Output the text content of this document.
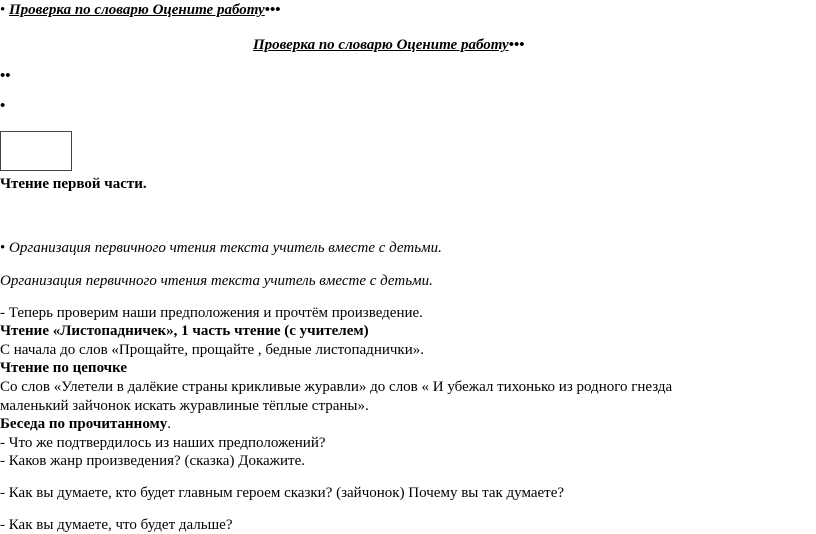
• Проверка по словарю Оцените работу•••
Проверка по словарю Оцените работу•••
••
•
Чтение первой части.
• Организация первичного чтения текста учитель вместе с детьми.
Организация первичного чтения текста учитель вместе с детьми.
- Теперь проверим наши предположения и прочтём произведение.
Чтение «Листопадничек», 1 часть чтение (с учителем)
С начала до слов «Прощайте, прощайте , бедные листопаднички».
Чтение по цепочке
Со слов «Улетели в далёкие страны крикливые журавли» до слов « И убежал тихонько из родного гнезда
маленький зайчонок искать журавлиные тёплые страны».
Беседа по прочитанному.
- Что же подтвердилось из наших предположений?
- Каков жанр произведения? (сказка) Докажите.
- Как вы думаете, кто будет главным героем сказки? (зайчонок) Почему вы так думаете?
- Как вы думаете, что будет дальше?
